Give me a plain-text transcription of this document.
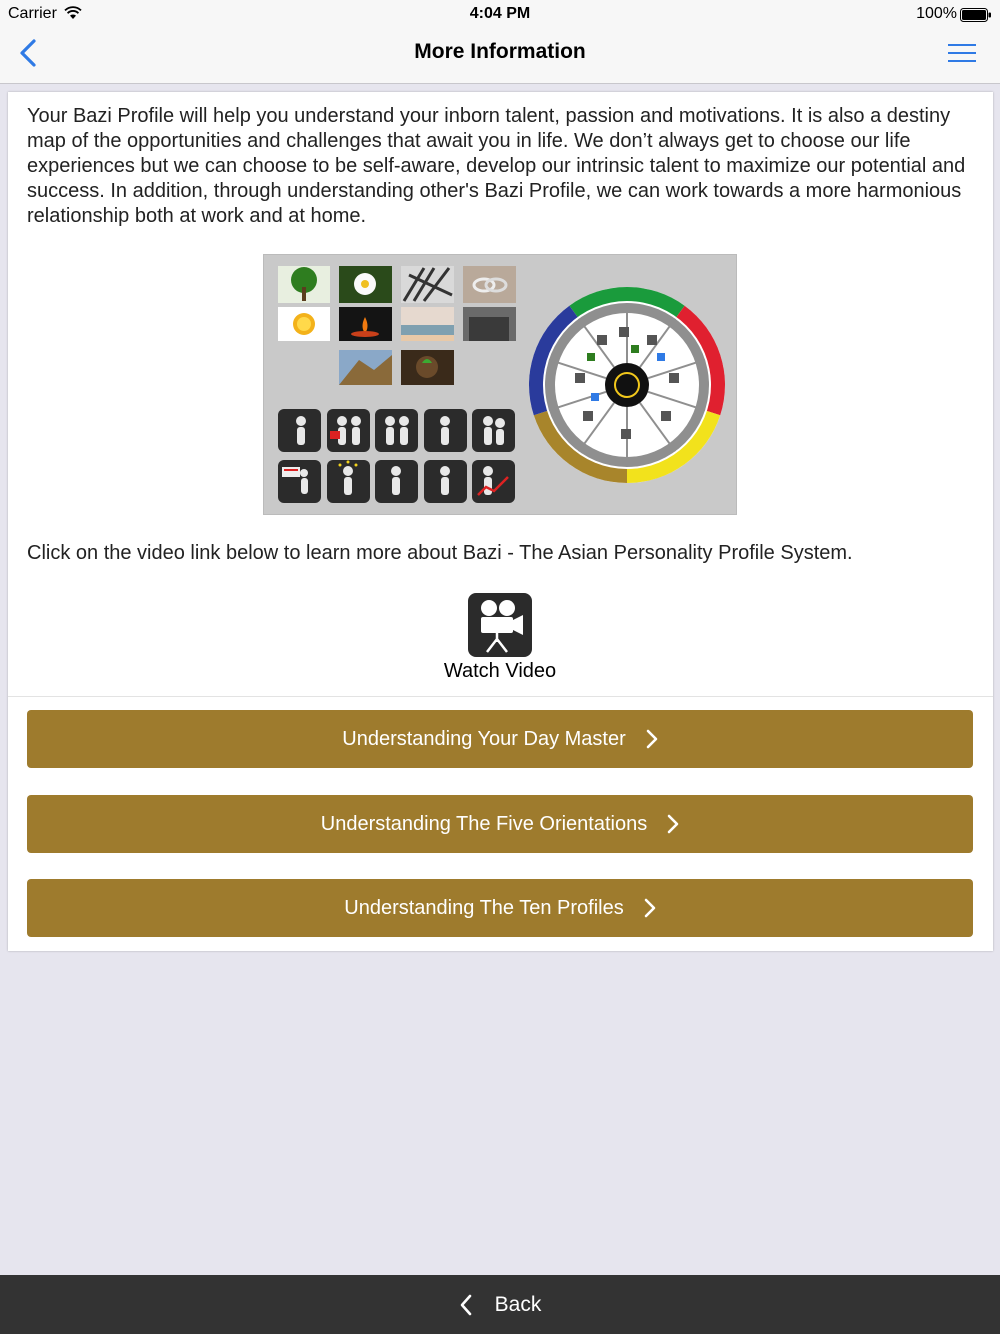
Carrier	4:04 PM	100%
More Information

Your Bazi Profile will help you understand your inborn talent, passion and motivations. It is also a destiny map of the opportunities and challenges that await you in life. We don’t always get to choose our life experiences but we can choose to be self-aware, develop our intrinsic talent to maximize our potential and success. In addition, through understanding other's Bazi Profile, we can work towards a more harmonious relationship both at work and at home.

Click on the video link below to learn more about Bazi - The Asian Personality Profile System.

Watch Video
Understanding Your Day Master
Understanding The Five Orientations
Understanding The Ten Profiles
Back
